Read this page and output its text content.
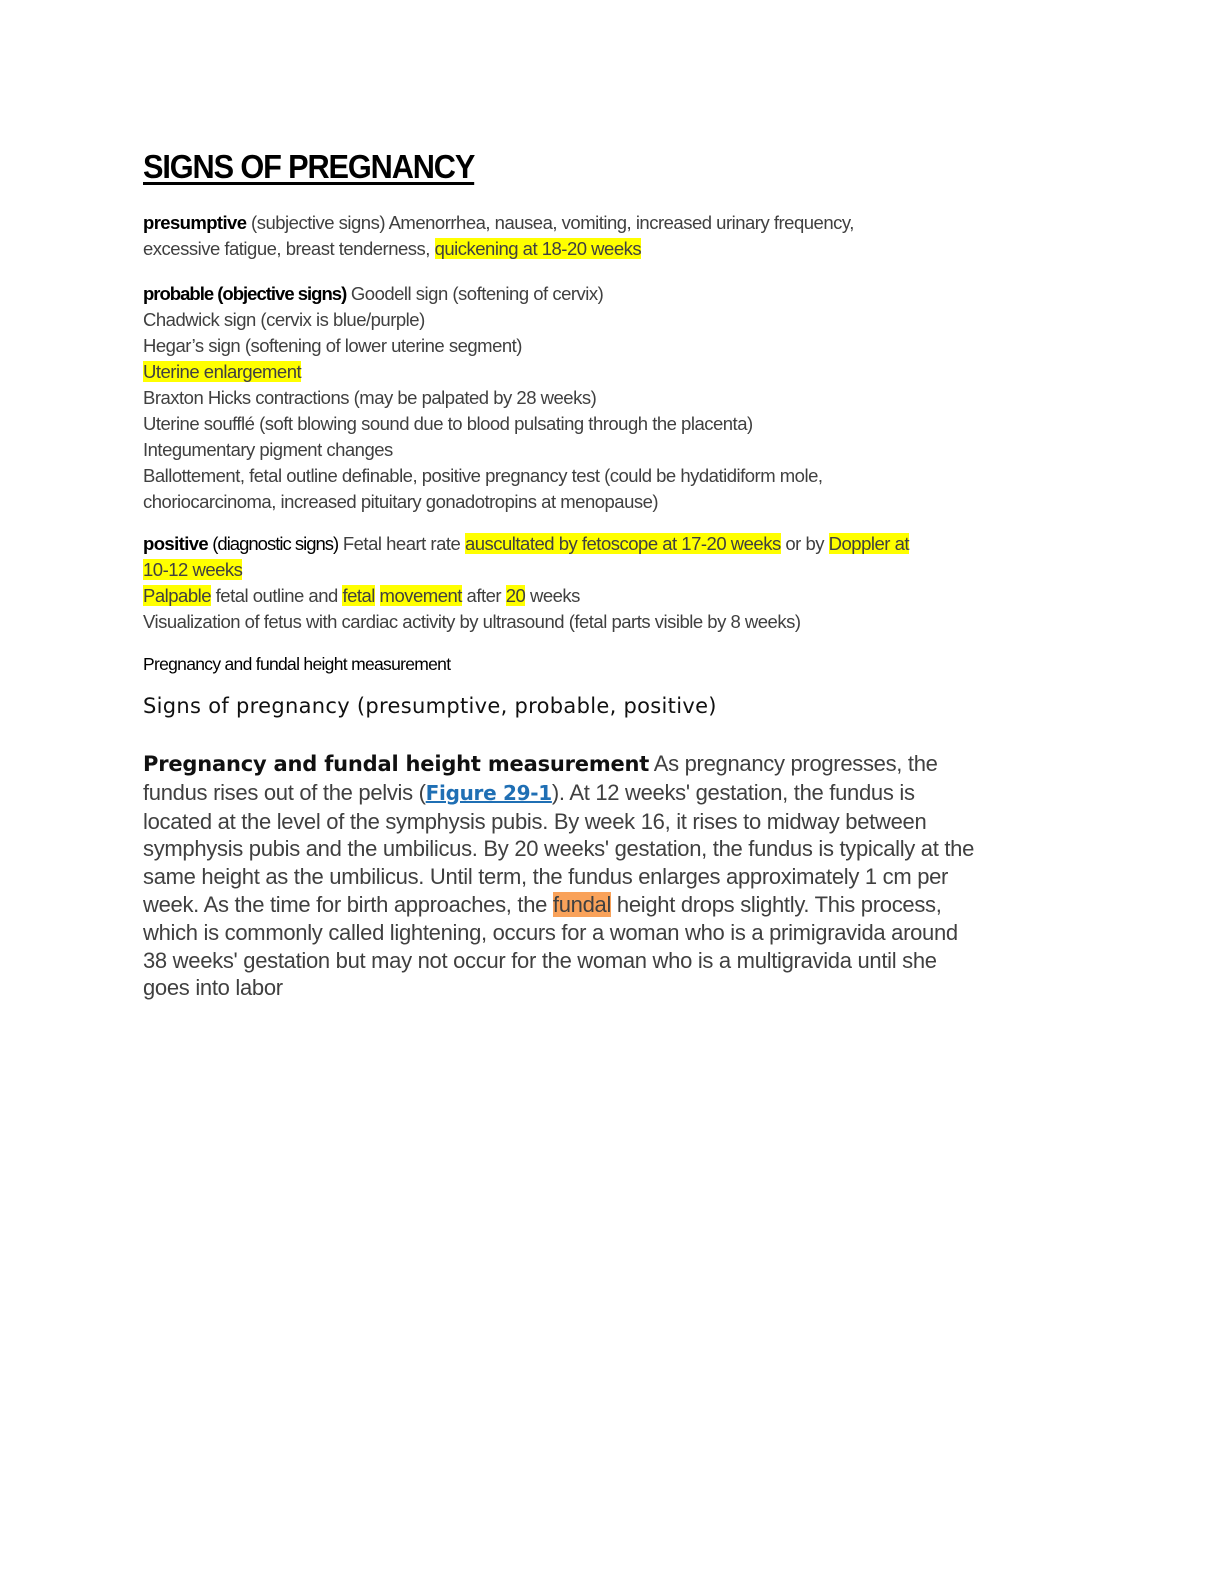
SIGNS OF PREGNANCY
presumptive (subjective signs) Amenorrhea, nausea, vomiting, increased urinary frequency,
excessive fatigue, breast tenderness, quickening at 18-20 weeks
probable (objective signs) Goodell sign (softening of cervix)
Chadwick sign (cervix is blue/purple)
Hegar’s sign (softening of lower uterine segment)
Uterine enlargement
Braxton Hicks contractions (may be palpated by 28 weeks)
Uterine soufflé (soft blowing sound due to blood pulsating through the placenta)
Integumentary pigment changes
Ballottement, fetal outline definable, positive pregnancy test (could be hydatidiform mole,
choriocarcinoma, increased pituitary gonadotropins at menopause)
positive (diagnostic signs) Fetal heart rate auscultated by fetoscope at 17-20 weeks or by Doppler at
10-12 weeks
Palpable fetal outline and fetal movement after 20 weeks
Visualization of fetus with cardiac activity by ultrasound (fetal parts visible by 8 weeks)
Pregnancy and fundal height measurement
Signs of pregnancy (presumptive, probable, positive)
Pregnancy and fundal height measurement As pregnancy progresses, the
fundus rises out of the pelvis (Figure 29-1). At 12 weeks' gestation, the fundus is
located at the level of the symphysis pubis. By week 16, it rises to midway between
symphysis pubis and the umbilicus. By 20 weeks' gestation, the fundus is typically at the
same height as the umbilicus. Until term, the fundus enlarges approximately 1 cm per
week. As the time for birth approaches, the fundal height drops slightly. This process,
which is commonly called lightening, occurs for a woman who is a primigravida around
38 weeks' gestation but may not occur for the woman who is a multigravida until she
goes into labor
